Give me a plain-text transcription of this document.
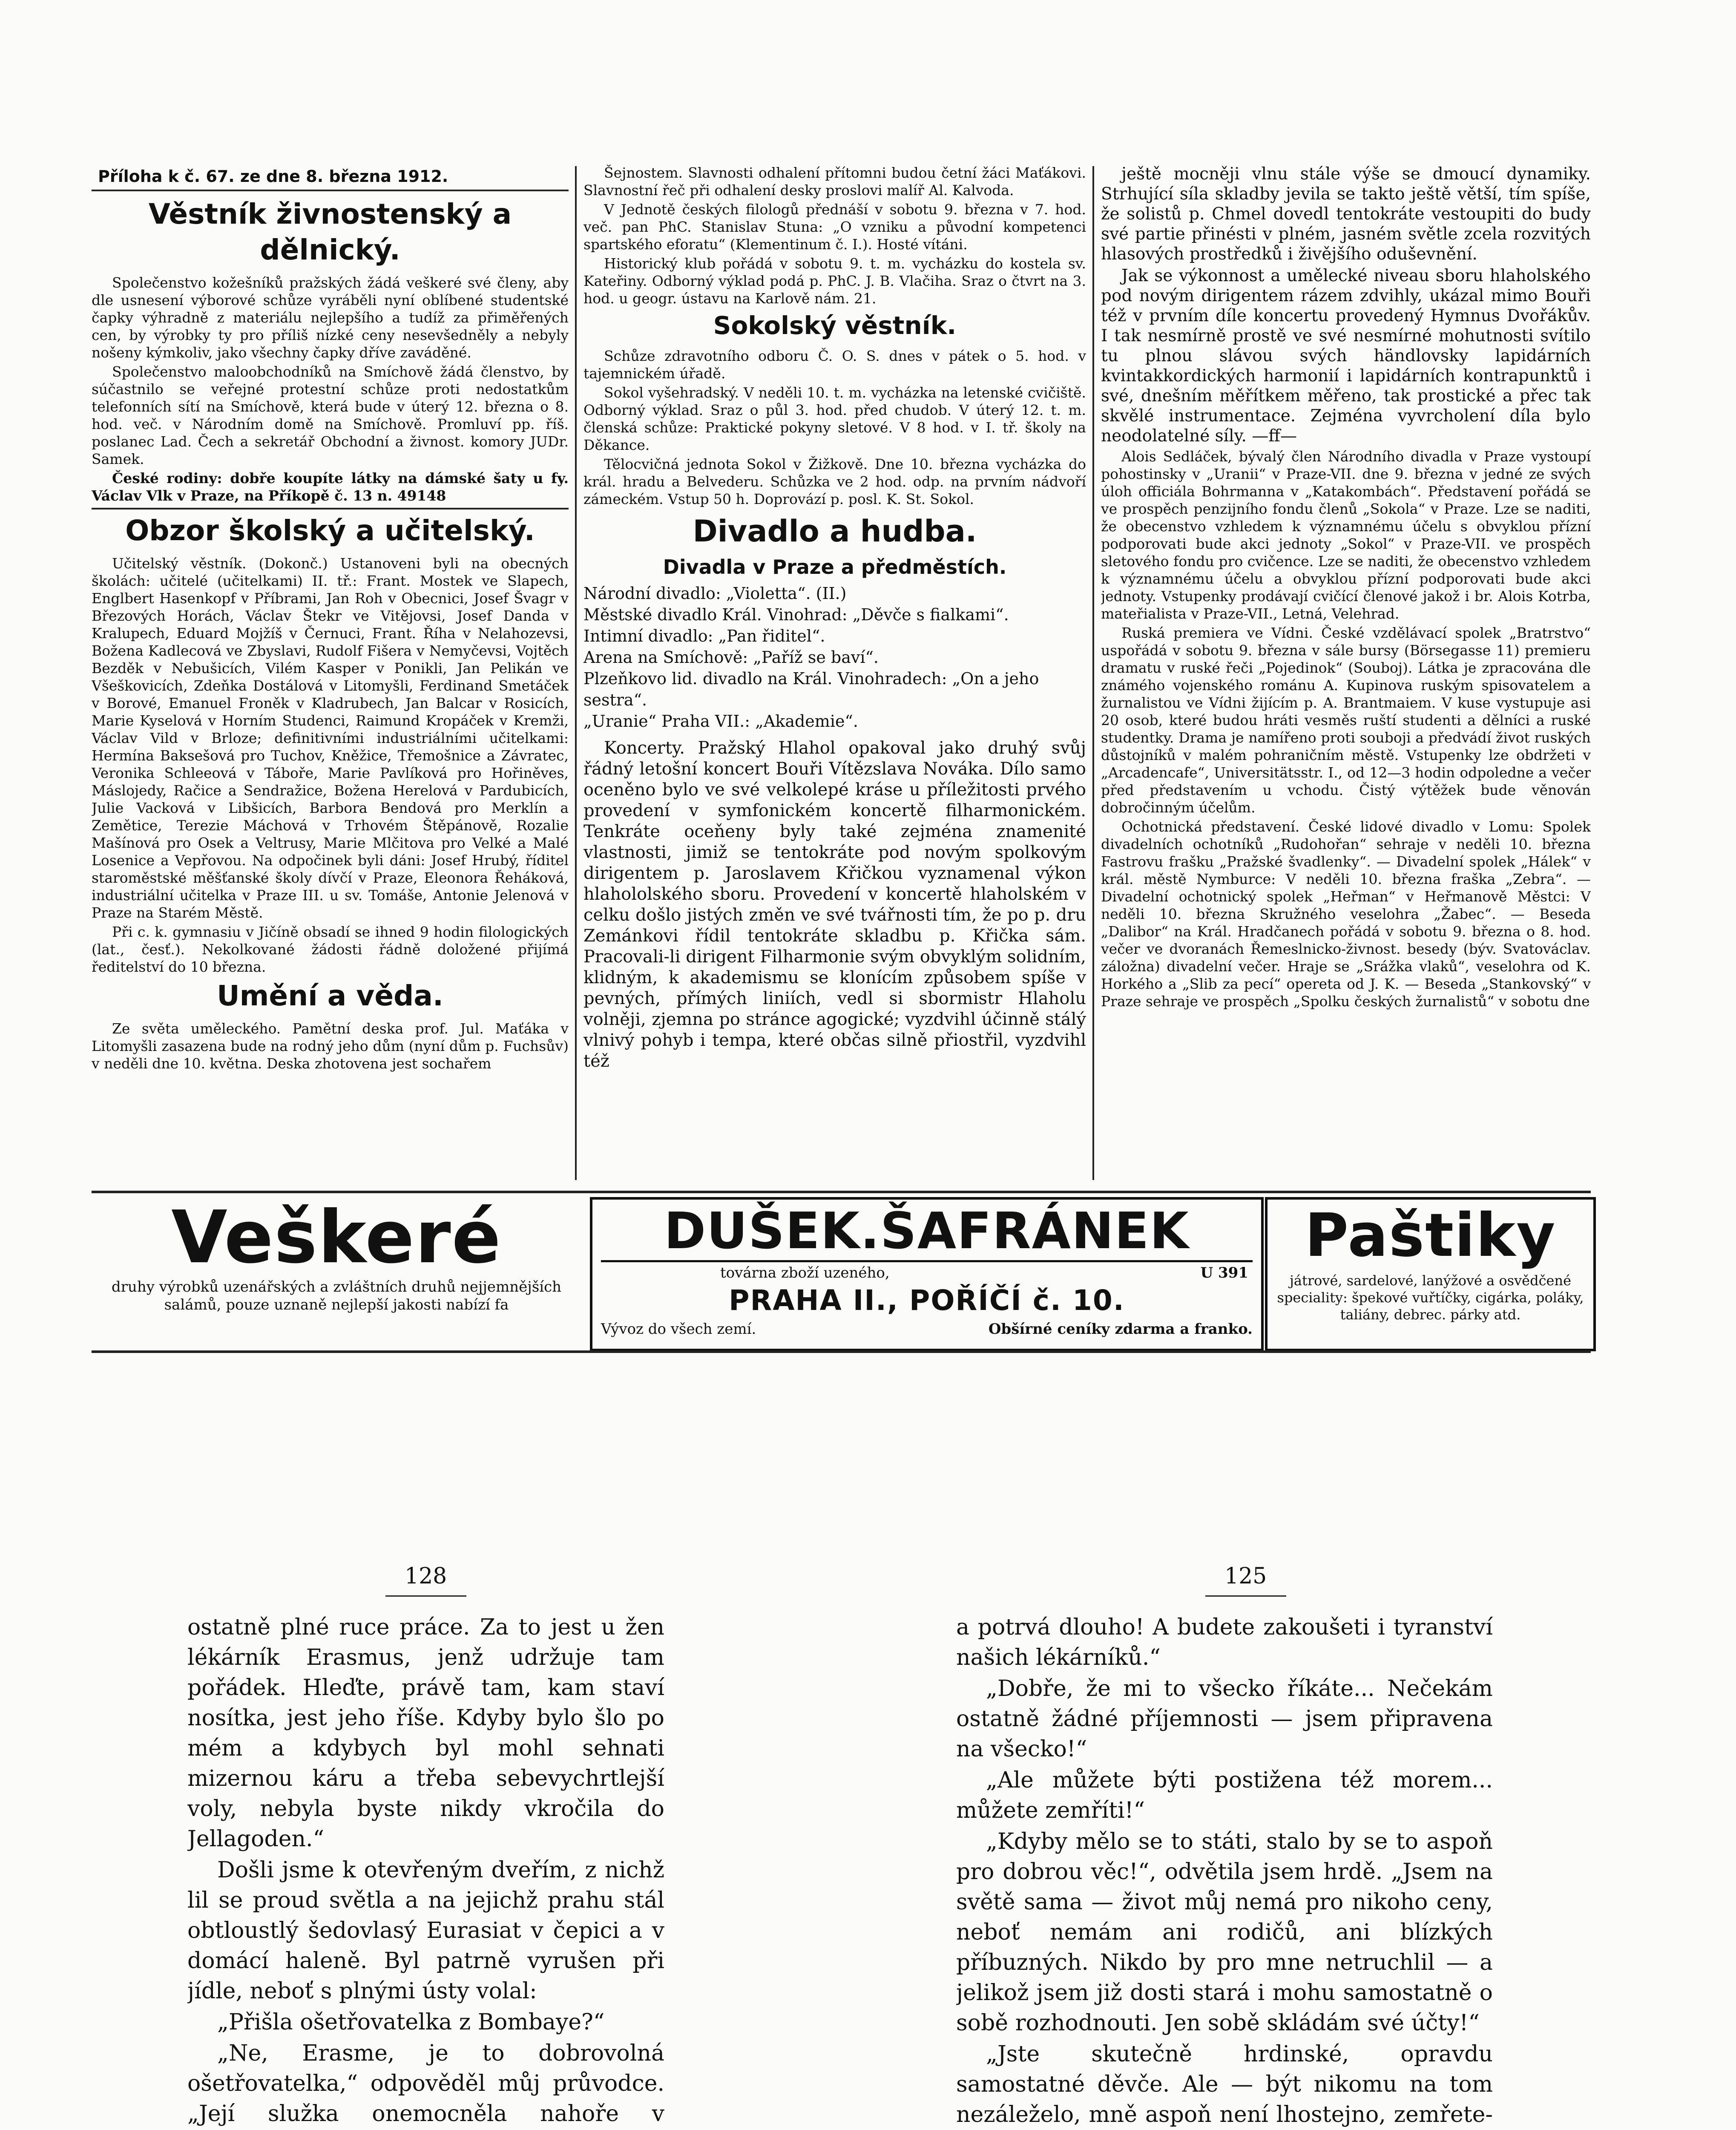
Příloha k č. 67. ze dne 8. března 1912.
Věstník živnostenský a dělnický.

Společenstvo kožešníků pražských žádá veškeré své členy, aby dle usnesení výborové schůze vyráběli nyní oblíbené studentské čapky výhradně z materiálu nejlepšího a tudíž za přiměřených cen, by výrobky ty pro příliš nízké ceny nesevšedněly a nebyly nošeny kýmkoliv, jako všechny čapky dříve zaváděné.

Společenstvo maloobchodníků na Smíchově žádá členstvo, by súčastnilo se veřejné protestní schůze proti nedostatkům telefonních sítí na Smíchově, která bude v úterý 12. března o 8. hod. več. v Národním domě na Smíchově. Promluví pp. říš. poslanec Lad. Čech a sekretář Obchodní a živnost. komory JUDr. Samek.

České rodiny: dobře koupíte látky na dámské šaty u fy. Václav Vlk v Praze, na Příkopě č. 13 n. 49148

Obzor školský a učitelský.

Učitelský věstník. (Dokonč.) Ustanoveni byli na obecných školách: učitelé (učitelkami) II. tř.: Frant. Mostek ve Slapech, Englbert Hasenkopf v Příbrami, Jan Roh v Obecnici, Josef Švagr v Březových Horách, Václav Štekr ve Vitějovsi, Josef Danda v Kralupech, Eduard Mojžíš v Černuci, Frant. Říha v Nelahozevsi, Božena Kadlecová ve Zbyslavi, Rudolf Fišera v Nemyčevsi, Vojtěch Bezděk v Nebušicích, Vilém Kasper v Ponikli, Jan Pelikán ve Všeškovicích, Zdeňka Dostálová v Litomyšli, Ferdinand Smetáček v Borové, Emanuel Froněk v Kladrubech, Jan Balcar v Rosicích, Marie Kyselová v Horním Studenci, Raimund Kropáček v Kremži, Václav Vild v Brloze; definitivními industriálními učitelkami: Hermína Baksešová pro Tuchov, Kněžice, Třemošnice a Závratec, Veronika Schleeová v Táboře, Marie Pavlíková pro Hořiněves, Máslojedy, Račice a Sendražice, Božena Herelová v Pardubicích, Julie Vacková v Libšicích, Barbora Bendová pro Merklín a Zemětice, Terezie Máchová v Trhovém Štěpánově, Rozalie Mašínová pro Osek a Veltrusy, Marie Mlčitova pro Velké a Malé Losenice a Vepřovou. Na odpočinek byli dáni: Josef Hrubý, říditel staroměstské měšťanské školy dívčí v Praze, Eleonora Řeháková, industriální učitelka v Praze III. u sv. Tomáše, Antonie Jelenová v Praze na Starém Městě.

Při c. k. gymnasiu v Jičíně obsadí se ihned 9 hodin filologických (lat., česť.). Nekolkované žádosti řádně doložené přijímá ředitelství do 10 března.

Umění a věda.

Ze světa uměleckého. Pamětní deska prof. Jul. Maťáka v Litomyšli zasazena bude na rodný jeho dům (nyní dům p. Fuchsův) v neděli dne 10. května. Deska zhotovena jest sochařem

Šejnostem. Slavnosti odhalení přítomni budou četní žáci Maťákovi. Slavnostní řeč při odhalení desky proslovi malíř Al. Kalvoda.

V Jednotě českých filologů přednáší v sobotu 9. března v 7. hod. več. pan PhC. Stanislav Stuna: „O vzniku a původní kompetenci spartského eforatu“ (Klementinum č. I.). Hosté vítáni.

Historický klub pořádá v sobotu 9. t. m. vycházku do kostela sv. Kateřiny. Odborný výklad podá p. PhC. J. B. Vlačiha. Sraz o čtvrt na 3. hod. u geogr. ústavu na Karlově nám. 21.

Sokolský věstník.

Schůze zdravotního odboru Č. O. S. dnes v pátek o 5. hod. v tajemnickém úřadě.

Sokol vyšehradský. V neděli 10. t. m. vycházka na letenské cvičiště. Odborný výklad. Sraz o půl 3. hod. před chudob. V úterý 12. t. m. členská schůze: Praktické pokyny sletové. V 8 hod. v I. tř. školy na Děkance.

Tělocvičná jednota Sokol v Žižkově. Dne 10. března vycházka do král. hradu a Belvederu. Schůzka ve 2 hod. odp. na prvním nádvoří zámeckém. Vstup 50 h. Doprovází p. posl. K. St. Sokol.

Divadlo a hudba.
Divadla v Praze a předměstích.
Národní divadlo: „Violetta“. (II.)
Městské divadlo Král. Vinohrad: „Děvče s fialkami“.
Intimní divadlo: „Pan řiditel“.
Arena na Smíchově: „Paříž se baví“.
Plzeňkovo lid. divadlo na Král. Vinohradech: „On a jeho sestra“.
„Uranie“ Praha VII.: „Akademie“.

Koncerty. Pražský Hlahol opakoval jako druhý svůj řádný letošní koncert Bouři Vítězslava Nováka. Dílo samo oceněno bylo ve své velkolepé kráse u příležitosti prvého provedení v symfonickém koncertě filharmonickém. Tenkráte oceňeny byly také zejména znamenité vlastnosti, jimiž se tentokráte pod novým spolkovým dirigentem p. Jaroslavem Křičkou vyznamenal výkon hlahololského sboru. Provedení v koncertě hlaholském v celku došlo jistých změn ve své tvářnosti tím, že po p. dru Zemánkovi řídil tentokráte skladbu p. Křička sám. Pracovali-li dirigent Filharmonie svým obvyklým solidním, klidným, k akademismu se klonícím způsobem spíše v pevných, přímých liniích, vedl si sbormistr Hlaholu volněji, zjemna po stránce agogické; vyzdvihl účinně stálý vlnivý pohyb i tempa, které občas silně přiostřil, vyzdvihl též

ještě mocněji vlnu stále výše se dmoucí dynamiky. Strhující síla skladby jevila se takto ještě větší, tím spíše, že solistů p. Chmel dovedl tentokráte vestoupiti do budy své partie přinésti v plném, jasném světle zcela rozvitých hlasových prostředků i živějšího oduševnění.

Jak se výkonnost a umělecké niveau sboru hlaholského pod novým dirigentem rázem zdvihly, ukázal mimo Bouři též v prvním díle koncertu provedený Hymnus Dvořákův. I tak nesmírně prostě ve své nesmírné mohutnosti svítilo tu plnou slávou svých händlovsky lapidárních kvintakkordických harmonií i lapidárních kontrapunktů i své, dnešním měřítkem měřeno, tak prostické a přec tak skvělé instrumentace. Zejména vyvrcholení díla bylo neodolatelné síly. —ff—

Alois Sedláček, bývalý člen Národního divadla v Praze vystoupí pohostinsky v „Uranii“ v Praze-VII. dne 9. března v jedné ze svých úloh officiála Bohrmanna v „Katakombách“. Představení pořádá se ve prospěch penzijního fondu členů „Sokola“ v Praze. Lze se naditi, že obecenstvo vzhledem k významnému účelu s obvyklou přízní podporovati bude akci jednoty „Sokol“ v Praze-VII. ve prospěch sletového fondu pro cvičence. Lze se naditi, že obecenstvo vzhledem k významnému účelu a obvyklou přízní podporovati bude akci jednoty. Vstupenky prodávají cvičící členové jakož i br. Alois Kotrba, mateřialista v Praze-VII., Letná, Velehrad.

Ruská premiera ve Vídni. České vzdělávací spolek „Bratrstvo“ uspořádá v sobotu 9. března v sále bursy (Börsegasse 11) premieru dramatu v ruské řeči „Pojedinok“ (Souboj). Látka je zpracována dle známého vojenského románu A. Kupinova ruským spisovatelem a žurnalistou ve Vídni žijícím p. A. Brantmaiem. V kuse vystupuje asi 20 osob, které budou hráti vesměs ruští studenti a dělníci a ruské studentky. Drama je namířeno proti souboji a předvádí život ruských důstojníků v malém pohraničním městě. Vstupenky lze obdržeti v „Arcadencafe“, Universitätsstr. I., od 12—3 hodin odpoledne a večer před představením u vchodu. Čistý výtěžek bude věnován dobročinným účelům.

Ochotnická představení. České lidové divadlo v Lomu: Spolek divadelních ochotníků „Rudohořan“ sehraje v neděli 10. března Fastrovu frašku „Pražské švadlenky“. — Divadelní spolek „Hálek“ v král. městě Nymburce: V neděli 10. března fraška „Zebra“. — Divadelní ochotnický spolek „Heřman“ v Heřmanově Městci: V neděli 10. března Skružného veselohra „Žabec“. — Beseda „Dalibor“ na Král. Hradčanech pořádá v sobotu 9. března o 8. hod. večer ve dvoranách Řemeslnicko-živnost. besedy (býv. Svatováclav. záložna) divadelní večer. Hraje se „Srážka vlaků“, veselohra od K. Horkého a „Slib za pecí“ opereta od J. K. — Beseda „Stankovský“ v Praze sehraje ve prospěch „Spolku českých žurnalistů“ v sobotu dne

Veškeré
druhy výrobků uzenářských a zvláštních druhů nejjemnějších salámů, pouze uznaně nejlepší jakosti nabízí fa
DUŠEK.ŠAFRÁNEK
továrna zboží uzeného,	U 391
PRAHA II., POŘÍČÍ č. 10.
Vývoz do všech zemí.	Obšírné ceníky zdarma a franko.
Paštiky
játrové, sardelové, lanýžové a osvědčené speciality: špekové vuřtíčky, cigárka, poláky, taliány, debrec. párky atd.
128

ostatně plné ruce práce. Za to jest u žen lékárník Erasmus, jenž udržuje tam pořádek. Hleďte, právě tam, kam staví nosítka, jest jeho říše. Kdyby bylo šlo po mém a kdybych byl mohl sehnati mizernou káru a třeba sebevychrtlejší voly, nebyla byste nikdy vkročila do Jellagoden.“

Došli jsme k otevřeným dveřím, z nichž lil se proud světla a na jejichž prahu stál obtloustlý šedovlasý Eurasiat v čepici a v domácí haleně. Byl patrně vyrušen při jídle, neboť s plnými ústy volal:

„Přišla ošetřovatelka z Bombaye?“

„Ne, Erasme, je to dobrovolná ošetřovatelka,“ odpověděl můj průvodce. „Její služka onemocněla nahoře v

125

a potrvá dlouho! A budete zakoušeti i tyranství našich lékárníků.“

„Dobře, že mi to všecko říkáte... Nečekám ostatně žádné příjemnosti — jsem připravena na všecko!“

„Ale můžete býti postižena též morem... můžete zemříti!“

„Kdyby mělo se to státi, stalo by se to aspoň pro dobrou věc!“, odvětila jsem hrdě. „Jsem na světě sama — život můj nemá pro nikoho ceny, neboť nemám ani rodičů, ani blízkých příbuzných. Nikdo by pro mne netruchlil — a jelikož jsem již dosti stará i mohu samostatně o sobě rozhodnouti. Jen sobě skládám své účty!“

„Jste skutečně hrdinské, opravdu samostatné děvče. Ale — být nikomu na tom nezáleželo, mně aspoň není lhostejno, zemřete-
